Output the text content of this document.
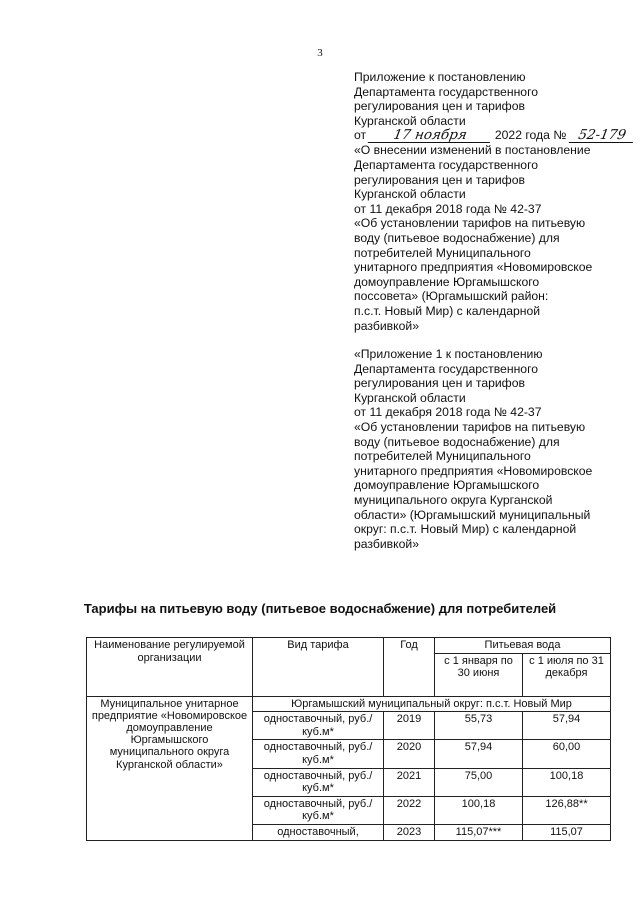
3
Приложение к постановлению
Департамента государственного
регулирования цен и тарифов
Курганской области
от 17 ноября 2022 года № 52-179
«О внесении изменений в постановление
Департамента государственного
регулирования цен и тарифов
Курганской области
от 11 декабря 2018 года № 42-37
«Об установлении тарифов на питьевую
воду (питьевое водоснабжение) для
потребителей Муниципального
унитарного предприятия «Новомировское
домоуправление Юргамышского
поссовета» (Юргамышский район:
п.с.т. Новый Мир) с календарной
разбивкой»
«Приложение 1 к постановлению
Департамента государственного
регулирования цен и тарифов
Курганской области
от 11 декабря 2018 года № 42-37
«Об установлении тарифов на питьевую
воду (питьевое водоснабжение) для
потребителей Муниципального
унитарного предприятия «Новомировское
домоуправление Юргамышского
муниципального округа Курганской
области» (Юргамышский муниципальный
округ: п.с.т. Новый Мир) с календарной
разбивкой»
Тарифы на питьевую воду (питьевое водоснабжение) для потребителей
Наименование регулируемой организации	Вид тарифа	Год	Питьевая вода	
			с 1 января по 30 июня	с 1 июля по 31 декабря
Муниципальное унитарное предприятие «Новомировское домоуправление Юргамышского муниципального округа Курганской области»	Юргамышский муниципальный округ: п.с.т. Новый Мир			
	одноставочный, руб./куб.м*	2019	55,73	57,94
	одноставочный, руб./куб.м*	2020	57,94	60,00
	одноставочный, руб./куб.м*	2021	75,00	100,18
	одноставочный, руб./куб.м*	2022	100,18	126,88**
	одноставочный,	2023	115,07***	115,07
